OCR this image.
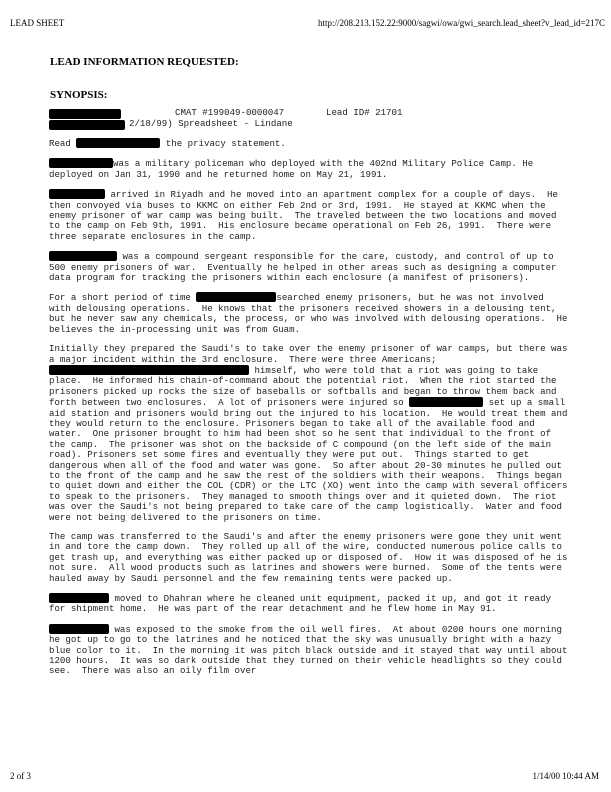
LEAD SHEET	http://208.213.152.22:9000/sagwi/owa/gwi_search.lead_sheet?v_lead_id=217C
LEAD INFORMATION REQUESTED:
SYNOPSIS:
CMAT #199049-0000047	Lead ID# 21701
2/18/99) Spreadsheet - Lindane

Read	the privacy statement.

was a military policeman who deployed with the 402nd Military Police Camp. He deployed on Jan 31, 1990 and he returned home on May 21, 1991.

arrived in Riyadh and he moved into an apartment complex for a couple of days.  He then convoyed via buses to KKMC on either Feb 2nd or 3rd, 1991.  He stayed at KKMC when the enemy prisoner of war camp was being built.  The traveled between the two locations and moved to the camp on Feb 9th, 1991.  His enclosure became operational on Feb 26, 1991.  There were three separate enclosures in the camp.

was a compound sergeant responsible for the care, custody, and control of up to 500 enemy prisoners of war.  Eventually he helped in other areas such as designing a computer data program for tracking the prisoners within each enclosure (a manifest of prisoners).

For a short period of time	searched enemy prisoners, but he was not involved with delousing operations.  He knows that the prisoners received showers in a delousing tent, but he never saw any chemicals, the process, or who was involved with delousing operations.  He believes the in-processing unit was from Guam.

Initially they prepared the Saudi's to take over the enemy prisoner of war camps, but there was a major incident within the 3rd enclosure.  There were three Americans;  himself, who were told that a riot was going to take place.  He informed his chain-of-command about the potential riot.  When the riot started the prisoners picked up rocks the size of baseballs or softballs and began to throw them back and forth between two enclosures.  A lot of prisoners were injured so	set up a small aid station and prisoners would bring out the injured to his location.  He would treat them and they would return to the enclosure. Prisoners began to take all of the available food and water.  One prisoner brought to him had been shot so he sent that individual to the front of the camp.  The prisoner was shot on the backside of C compound (on the left side of the main road). Prisoners set some fires and eventually they were put out.  Things started to get dangerous when all of the food and water was gone.  So after about 20-30 minutes he pulled out to the front of the camp and he saw the rest of the soldiers with their weapons.  Things began to quiet down and either the COL (CDR) or the LTC (XO) went into the camp with several officers to speak to the prisoners.  They managed to smooth things over and it quieted down.  The riot was over the Saudi's not being prepared to take care of the camp logistically.  Water and food were not being delivered to the prisoners on time.

The camp was transferred to the Saudi's and after the enemy prisoners were gone they unit went in and tore the camp down.  They rolled up all of the wire, conducted numerous police calls to get trash up, and everything was either packed up or disposed of.  How it was disposed of he is not sure.  All wood products such as latrines and showers were burned.  Some of the tents were hauled away by Saudi personnel and the few remaining tents were packed up.

moved to Dhahran where he cleaned unit equipment, packed it up, and got it ready for shipment home.  He was part of the rear detachment and he flew home in May 91.

was exposed to the smoke from the oil well fires.  At about 0200 hours one morning he got up to go to the latrines and he noticed that the sky was unusually bright with a hazy blue color to it.  In the morning it was pitch black outside and it stayed that way until about 1200 hours.  It was so dark outside that they turned on their vehicle headlights so they could see.  There was also an oily film over

2 of 3	1/14/00 10:44 AM
